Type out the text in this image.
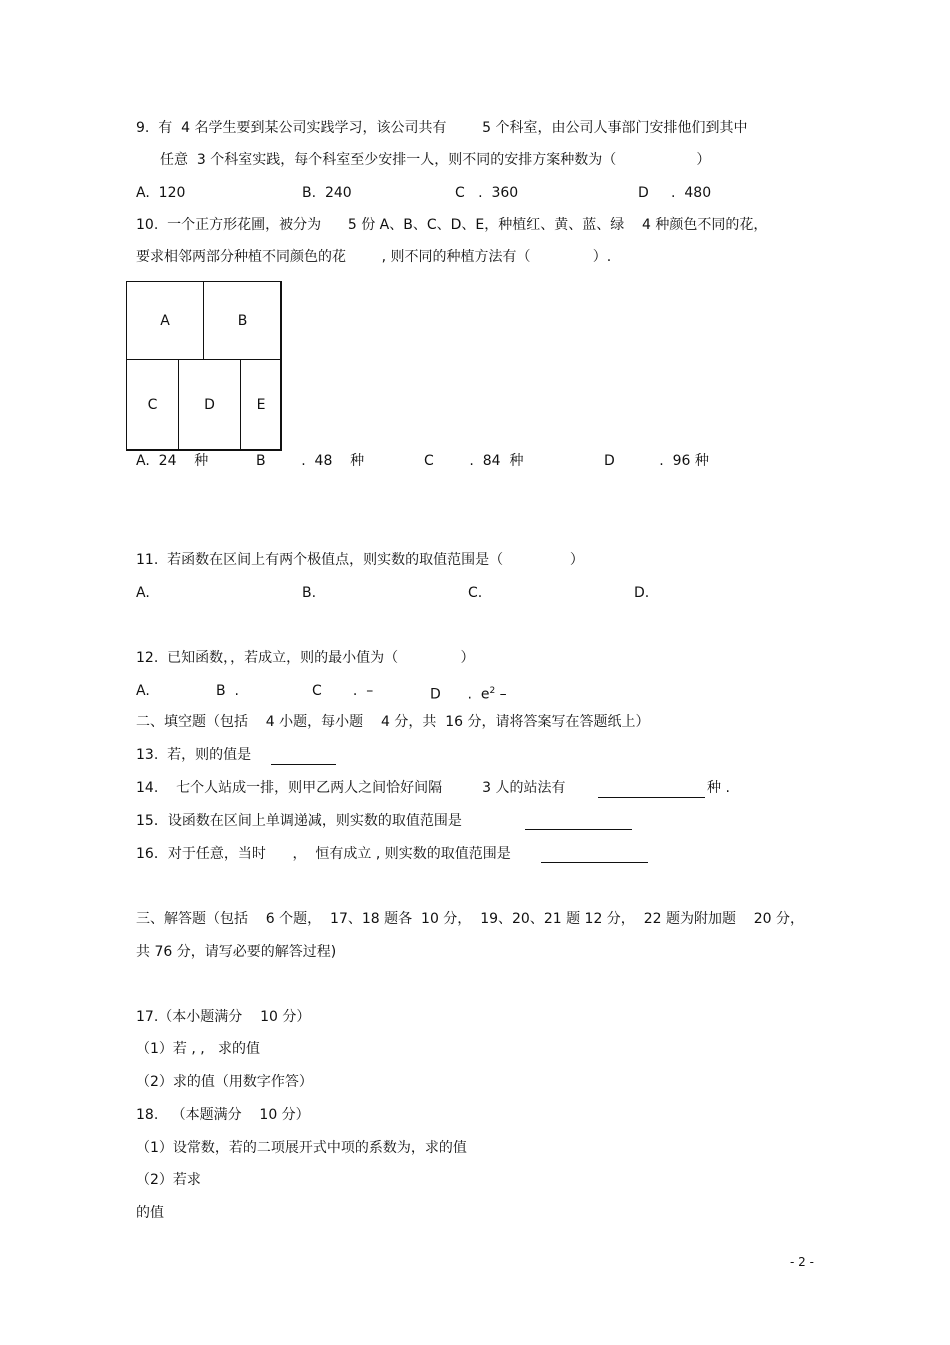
9.  有  4 名学生要到某公司实践学习，该公司共有        5 个科室，由公司人事部门安排他们到其中
任意  3 个科室实践，每个科室至少安排一人，则不同的安排方案种数为（                  ）
A.  120	B.  240	C   .  360	D     .  480
10.  一个正方形花圃，被分为      5 份 A、B、C、D、E，种植红、黄、蓝、绿    4 种颜色不同的花，
要求相邻两部分种植不同颜色的花        , 则不同的种植方法有（              ）.
A	B
C	D	E
A.  24    种	B        .  48    种	C        .  84  种	D          .  96 种
11.  若函数在区间上有两个极值点，则实数的取值范围是（               ）
A.	B.	C.	D.
12.  已知函数，，若成立，则的最小值为（              ）
A.	B  .	C       .  –	D      .  $e^2$ –
二、填空题（包括    4 小题，每小题    4 分，共  16 分，请将答案写在答题纸上）
13.  若，则的值是
14.    七个人站成一排，则甲乙两人之间恰好间隔         3 人的站法有	种 .
15．设函数在区间上单调递减，则实数的取值范围是
16．对于任意，当时      ，  恒有成立 , 则实数的取值范围是
三、解答题（包括    6 个题，  17、18 题各  10 分，  19、20、21 题 12 分，  22 题为附加题    20 分，
共 76 分，请写必要的解答过程)
17.（本小题满分    10 分）
（1）若 , ,   求的值
（2）求的值（用数字作答）
18.   （本题满分    10 分）
（1）设常数，若的二项展开式中项的系数为，求的值
（2）若求
的值
- 2 -
